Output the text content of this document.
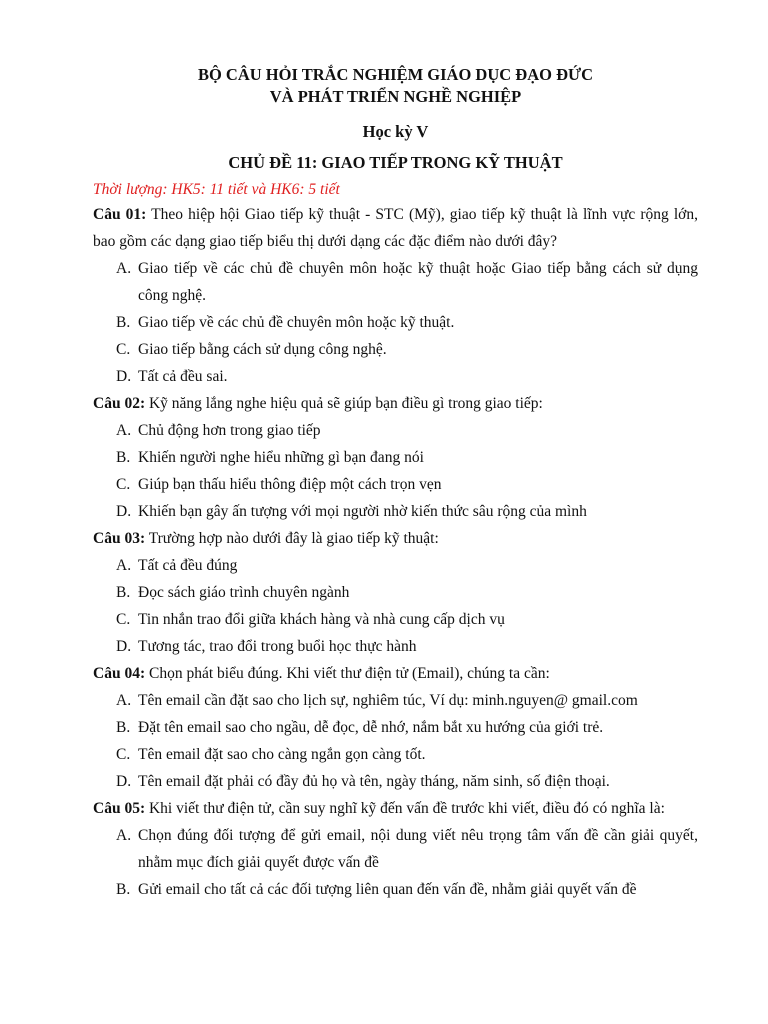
BỘ CÂU HỎI TRẮC NGHIỆM GIÁO DỤC ĐẠO ĐỨC
VÀ PHÁT TRIỂN NGHỀ NGHIỆP
Học kỳ V
CHỦ ĐỀ 11: GIAO TIẾP TRONG KỸ THUẬT
Thời lượng: HK5: 11 tiết và HK6: 5 tiết
Câu 01: Theo hiệp hội Giao tiếp kỹ thuật - STC (Mỹ), giao tiếp kỹ thuật là lĩnh vực rộng lớn, bao gồm các dạng giao tiếp biểu thị dưới dạng các đặc điểm nào dưới đây?
A. Giao tiếp về các chủ đề chuyên môn hoặc kỹ thuật hoặc Giao tiếp bằng cách sử dụng công nghệ.
B. Giao tiếp về các chủ đề chuyên môn hoặc kỹ thuật.
C. Giao tiếp bằng cách sử dụng công nghệ.
D. Tất cả đều sai.
Câu 02: Kỹ năng lắng nghe hiệu quả sẽ giúp bạn điều gì trong giao tiếp:
A. Chủ động hơn trong giao tiếp
B. Khiến người nghe hiểu những gì bạn đang nói
C. Giúp bạn thấu hiểu thông điệp một cách trọn vẹn
D. Khiến bạn gây ấn tượng với mọi người nhờ kiến thức sâu rộng của mình
Câu 03: Trường hợp nào dưới đây là giao tiếp kỹ thuật:
A. Tất cả đều đúng
B. Đọc sách giáo trình chuyên ngành
C. Tin nhắn trao đổi giữa khách hàng và nhà cung cấp dịch vụ
D. Tương tác, trao đổi trong buổi học thực hành
Câu 04: Chọn phát biểu đúng. Khi viết thư điện tử (Email), chúng ta cần:
A. Tên email cần đặt sao cho lịch sự, nghiêm túc, Ví dụ: minh.nguyen@ gmail.com
B. Đặt tên email sao cho ngầu, dễ đọc, dễ nhớ, nắm bắt xu hướng của giới trẻ.
C. Tên email đặt sao cho càng ngắn gọn càng tốt.
D. Tên email đặt phải có đầy đủ họ và tên, ngày tháng, năm sinh, số điện thoại.
Câu 05: Khi viết thư điện tử, cần suy nghĩ kỹ đến vấn đề trước khi viết, điều đó có nghĩa là:
A. Chọn đúng đối tượng để gửi email, nội dung viết nêu trọng tâm vấn đề cần giải quyết, nhằm mục đích giải quyết được vấn đề
B. Gửi email cho tất cả các đối tượng liên quan đến vấn đề, nhằm giải quyết vấn đề
